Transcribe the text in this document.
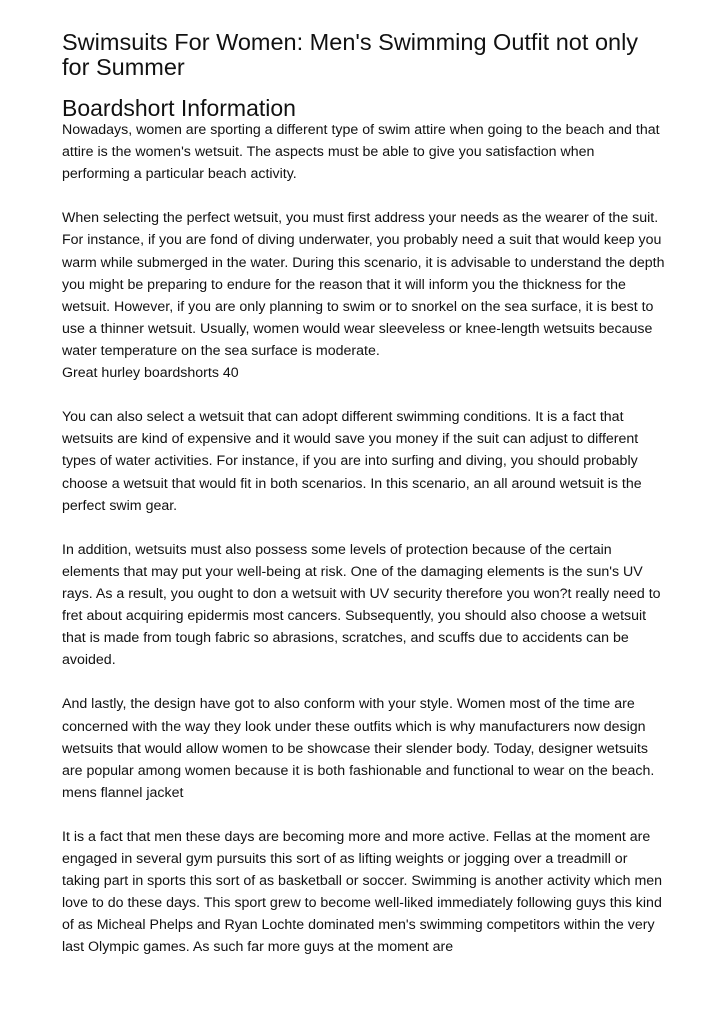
Swimsuits For Women: Men's Swimming Outfit not only for Summer
Boardshort Information

Nowadays, women are sporting a different type of swim attire when going to the beach and that attire is the women's wetsuit. The aspects must be able to give you satisfaction when performing a particular beach activity.

When selecting the perfect wetsuit, you must first address your needs as the wearer of the suit. For instance, if you are fond of diving underwater, you probably need a suit that would keep you warm while submerged in the water. During this scenario, it is advisable to understand the depth you might be preparing to endure for the reason that it will inform you the thickness for the wetsuit. However, if you are only planning to swim or to snorkel on the sea surface, it is best to use a thinner wetsuit. Usually, women would wear sleeveless or knee-length wetsuits because water temperature on the sea surface is moderate.

Great hurley boardshorts 40

You can also select a wetsuit that can adopt different swimming conditions. It is a fact that wetsuits are kind of expensive and it would save you money if the suit can adjust to different types of water activities. For instance, if you are into surfing and diving, you should probably choose a wetsuit that would fit in both scenarios. In this scenario, an all around wetsuit is the perfect swim gear.

In addition, wetsuits must also possess some levels of protection because of the certain elements that may put your well-being at risk. One of the damaging elements is the sun's UV rays. As a result, you ought to don a wetsuit with UV security therefore you won?t really need to fret about acquiring epidermis most cancers. Subsequently, you should also choose a wetsuit that is made from tough fabric so abrasions, scratches, and scuffs due to accidents can be avoided.

And lastly, the design have got to also conform with your style. Women most of the time are concerned with the way they look under these outfits which is why manufacturers now design wetsuits that would allow women to be showcase their slender body. Today, designer wetsuits are popular among women because it is both fashionable and functional to wear on the beach.

mens flannel jacket

It is a fact that men these days are becoming more and more active. Fellas at the moment are engaged in several gym pursuits this sort of as lifting weights or jogging over a treadmill or taking part in sports this sort of as basketball or soccer. Swimming is another activity which men love to do these days. This sport grew to become well-liked immediately following guys this kind of as Micheal Phelps and Ryan Lochte dominated men's swimming competitors within the very last Olympic games. As such far more guys at the moment are
